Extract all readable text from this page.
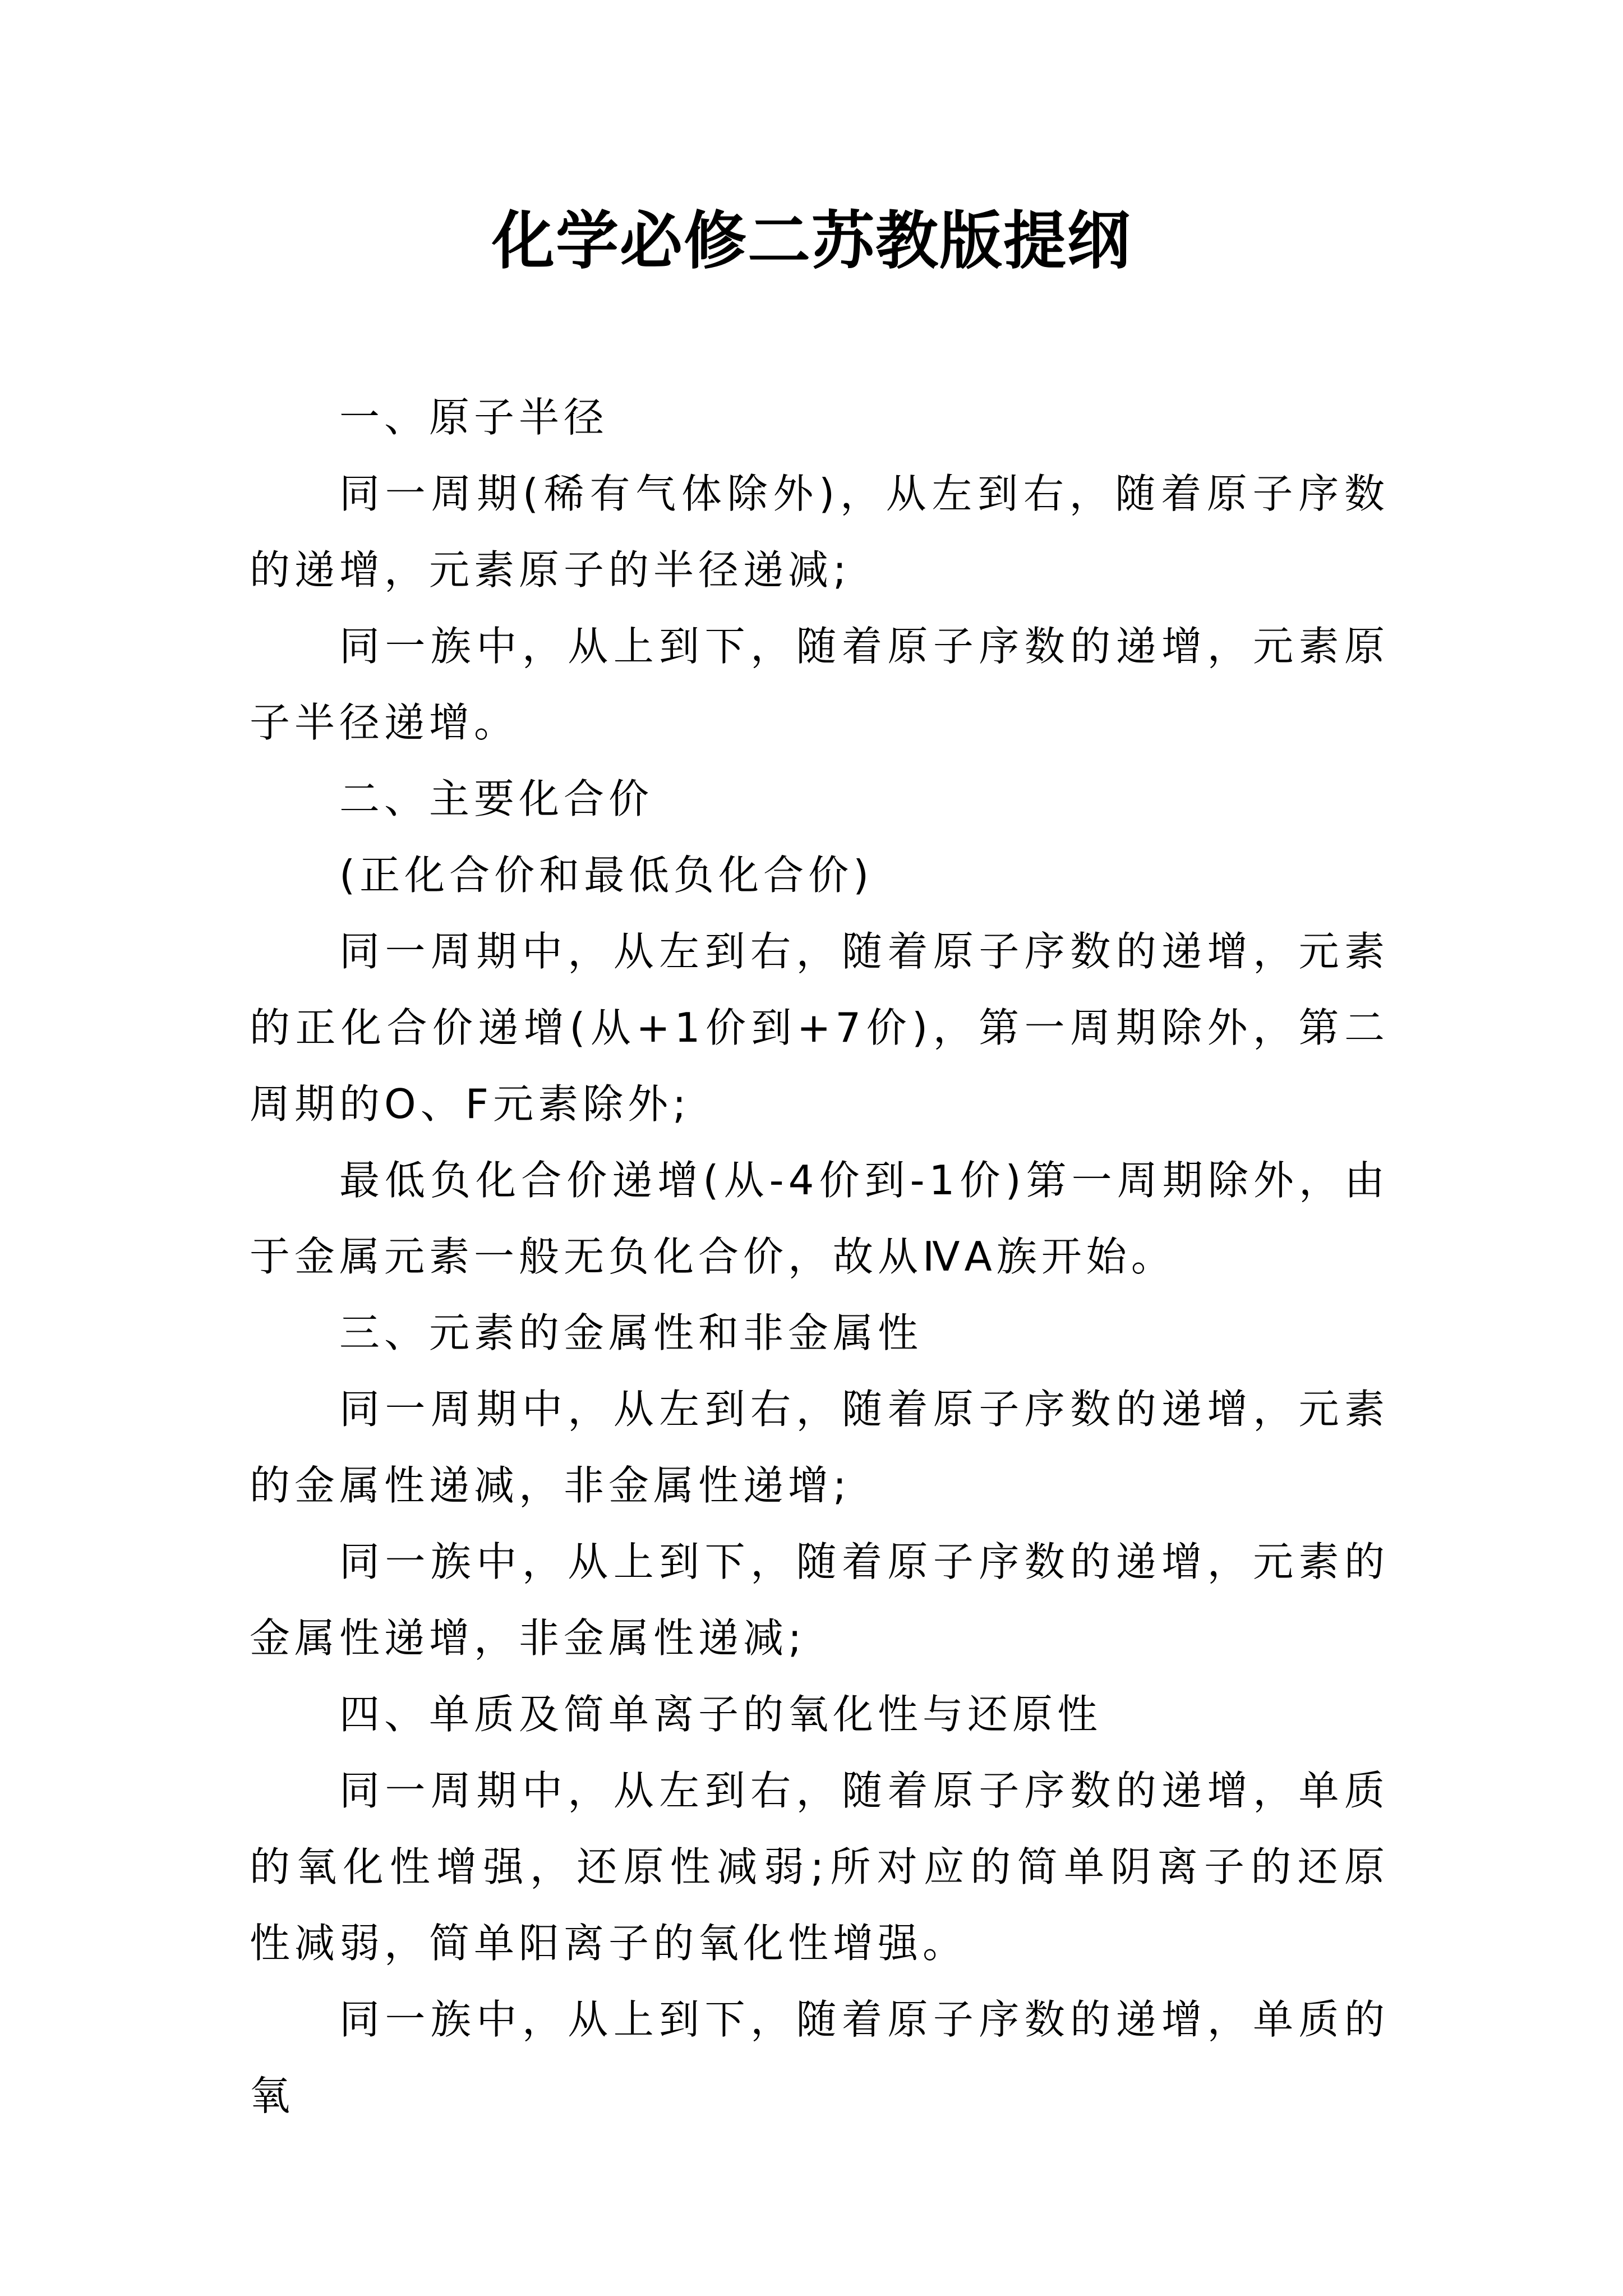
化学必修二苏教版提纲

一、原子半径

同一周期(稀有气体除外)，从左到右，随着原子序数的递增，元素原子的半径递减;

同一族中，从上到下，随着原子序数的递增，元素原子半径递增。

二、主要化合价

(正化合价和最低负化合价)

同一周期中，从左到右，随着原子序数的递增，元素的正化合价递增(从+1价到+7价)，第一周期除外，第二周期的O、F元素除外;

最低负化合价递增(从-4价到-1价)第一周期除外，由于金属元素一般无负化合价，故从ⅣA族开始。

三、元素的金属性和非金属性

同一周期中，从左到右，随着原子序数的递增，元素的金属性递减，非金属性递增;

同一族中，从上到下，随着原子序数的递增，元素的金属性递增，非金属性递减;

四、单质及简单离子的氧化性与还原性

同一周期中，从左到右，随着原子序数的递增，单质的氧化性增强，还原性减弱;所对应的简单阴离子的还原性减弱，简单阳离子的氧化性增强。

同一族中，从上到下，随着原子序数的递增，单质的氧
